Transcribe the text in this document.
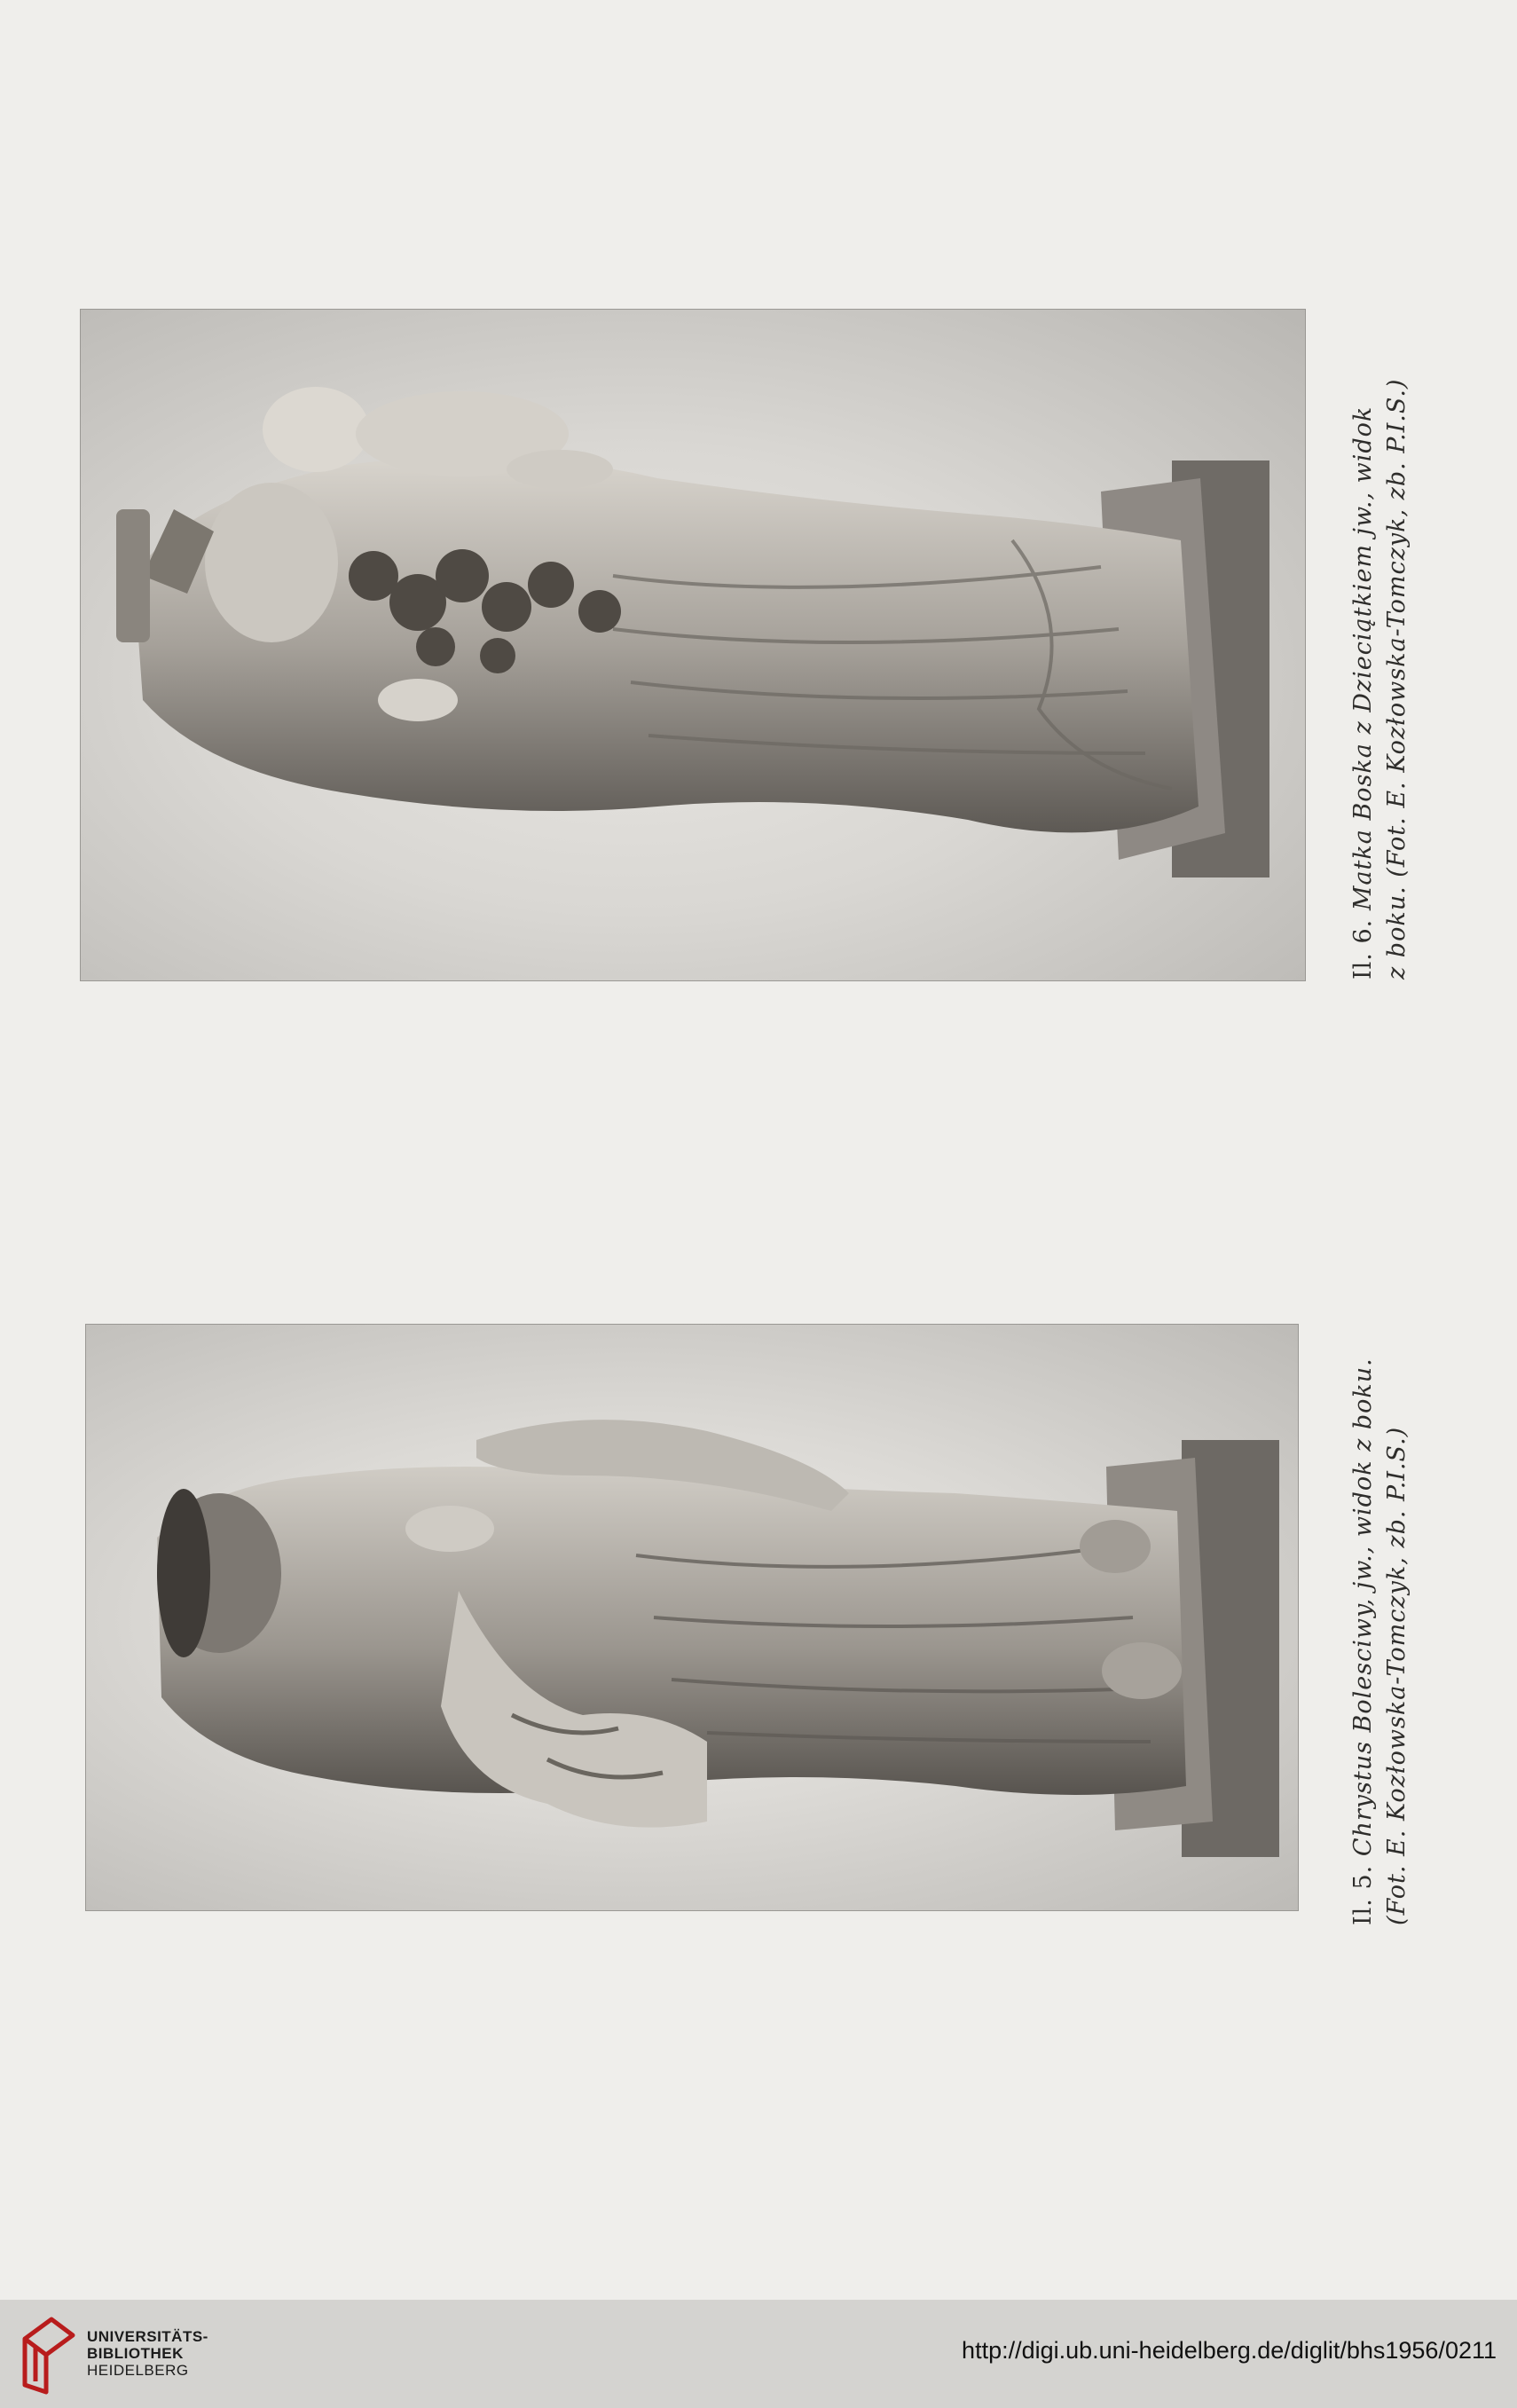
Il. 6. Matka Boska z Dzieciątkiem jw., widok z boku. (Fot. E. Kozłowska-Tomczyk, zb. P.I.S.)
Il. 5. Chrystus Bolesciwy, jw., widok z boku. (Fot. E. Kozłowska-Tomczyk, zb. P.I.S.)
UNIVERSITÄTS-
BIBLIOTHEK
HEIDELBERG
http://digi.ub.uni-heidelberg.de/diglit/bhs1956/0211
